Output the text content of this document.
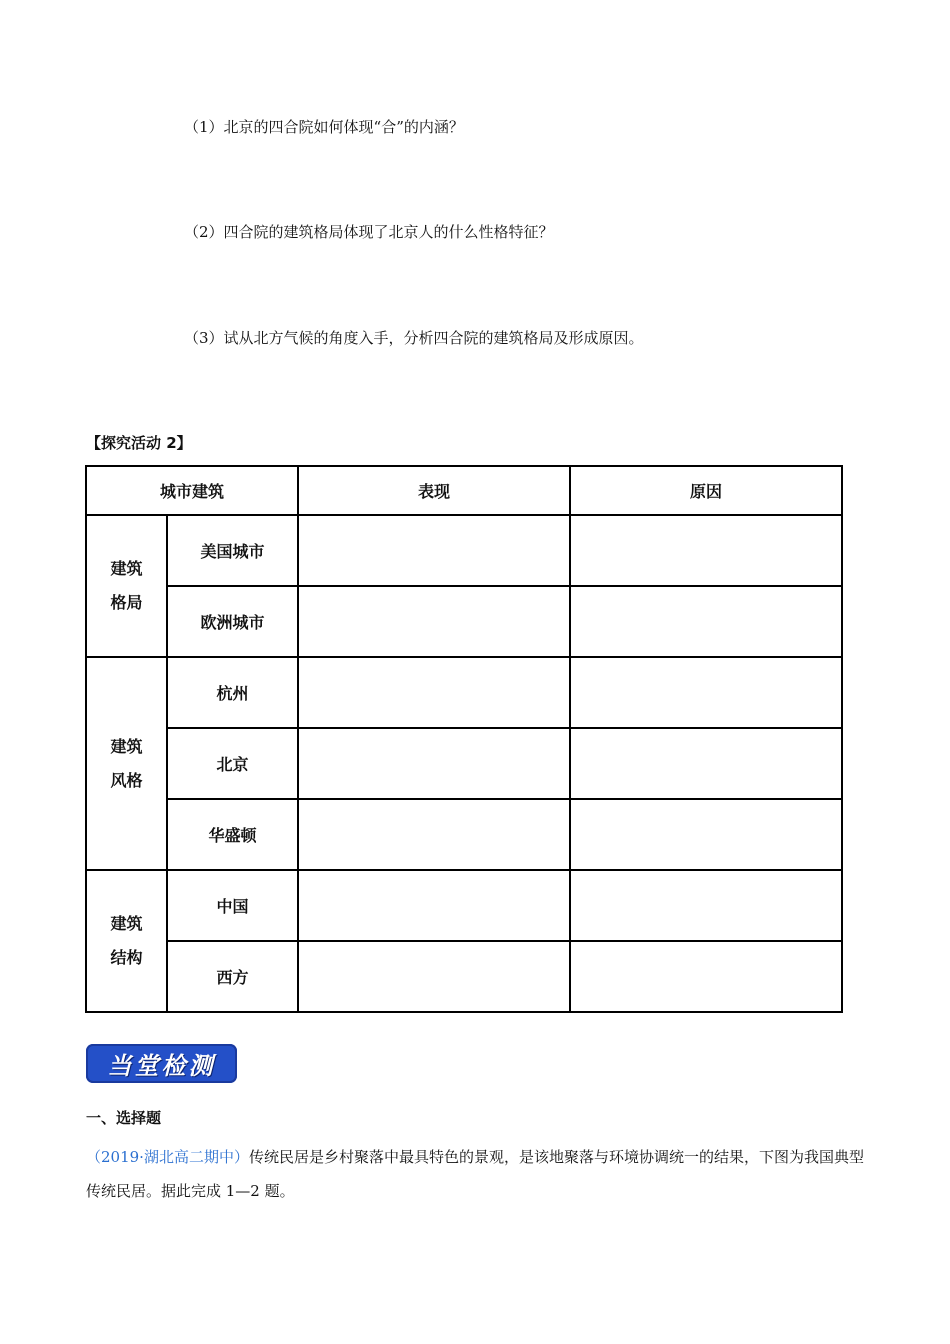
（1）北京的四合院如何体现“合”的内涵？
（2）四合院的建筑格局体现了北京人的什么性格特征？
（3）试从北方气候的角度入手，分析四合院的建筑格局及形成原因。
【探究活动 2】
城市建筑		表现	原因

建筑
格局	美国城市		
	欧洲城市		

建筑
风格	杭州		
	北京		
	华盛顿		

建筑
结构	中国		
	西方		
当堂检测
一、选择题
（2019·湖北高二期中）传统民居是乡村聚落中最具特色的景观，是该地聚落与环境协调统一的结果，下图为我国典型传统民居。据此完成 1—2 题。
